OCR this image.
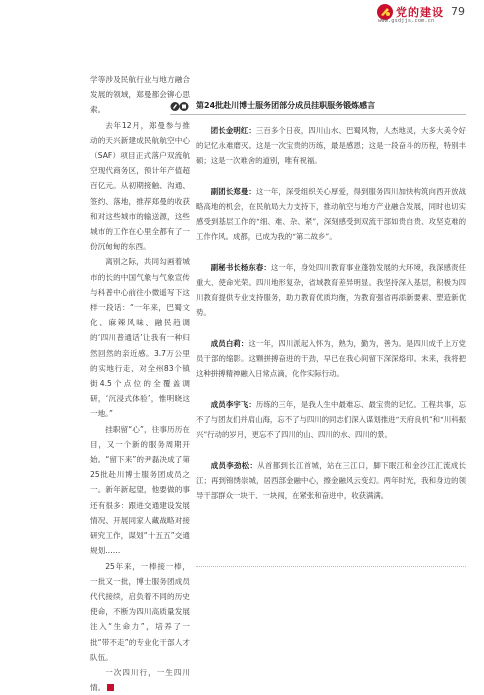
党的建设
www.gsdjjs.com.cn
79

学等涉及民航行业与地方融合发展的领域，郑曼都会铆心思索。

去年12月，郑曼参与推动的天兴新建成民航航空中心（SAF）项目正式落户双流航空现代商务区，预计年产值超百亿元。从初期接触、沟通、签约、落地，推荐郑曼的收获和对这些城市的输送源，这些城市的工作在心里全都有了一份沉甸甸的东西。

离别之际，共同勾画着城市的长的中国气象与气象宣传与科普中心前往小微遥写下这样一段话：“一年来，巴蜀文化、麻辣风味、融民趋调的‘四川普通话’让我有一种归然回然的亲近感。3.7万公里的实地行走、对全州83个镇街4.5个点位的全覆盖调研，‘沉浸式体验’，惟明晓这一地。”

挂职留“心”，往事历历在目，又一个新的服务周期开始。“留下来”的尹磊决成了第25批赴川博士服务团成员之一。新年新起望，他要做的事还有很多：跟进交通建设发展情况、开展同家人藏战略对接研究工作，谋划“十五五”交通规划……

25年来，一棒接一棒，一批又一批，博士服务团成员代代接续，启负着不同的历史使命，不断为四川高质量发展注入“生命力”，培养了一批“带不走”的专业化干部人才队伍。

一次四川行，一生四川情。

第24批赴川博士服务团部分成员挂职服务锻炼感言

团长金明红：三百多个日夜，四川山水、巴蜀风物，人杰地灵，大多大美令好的记忆永难磨灭。这是一次宝贵的历练，最是感恩；这是一段奋斗的历程，特别丰硕；这是一次难舍的道别，唯有祝福。

副团长郑曼：这一年，深受组织关心厚爱，得到服务四川加快构筑向西开放战略高地的机会，在民航局大力支持下，推动航空与地方产业融合发展，同时也切实感受到基层工作的“细、难、杂、紧”，深刻感受到双流干部如贵自贵、攻坚克难的工作作风。成都，已成为我的“第二故乡”。

副秘书长杨东春：这一年，身处四川教育事业蓬勃发展的大环境，我深感责任重大、使命光荣。四川地形复杂，省域教育差异明显。我坚持深入基层，积极为四川教育提供专业支持服务，助力教育优质均衡，为教育强省再添新要素、塑造新优势。

成员白莉：这一年，四川派起入怀为，熟为，勤为，善为。是四川成千上万党员干部的缩影。这颗拼搏奋进的干劲，早已在我心间留下深深烙印。未来，我将把这种拼搏精神融入日常点滴，化作实际行动。

成员李宇飞：历练的三年，是我人生中最难忘、最宝贵的记忆。工程共事，忘不了与团友们并肩山海，忘不了与四川的同志们深入谋划推进“天府良机”和“川科振兴”行动的岁月，更忘不了四川的山、四川的水、四川的景。

成员李劲松：从首都到长江首城，站在三江口，脚下眠江和金沙江汇流成长江；再到锦绣崇城，居西部金融中心，擦金融风云变幻。两年时光，我和身边的领导干部群众一块干、一块闯，在紧张和奋进中，收获满满。
